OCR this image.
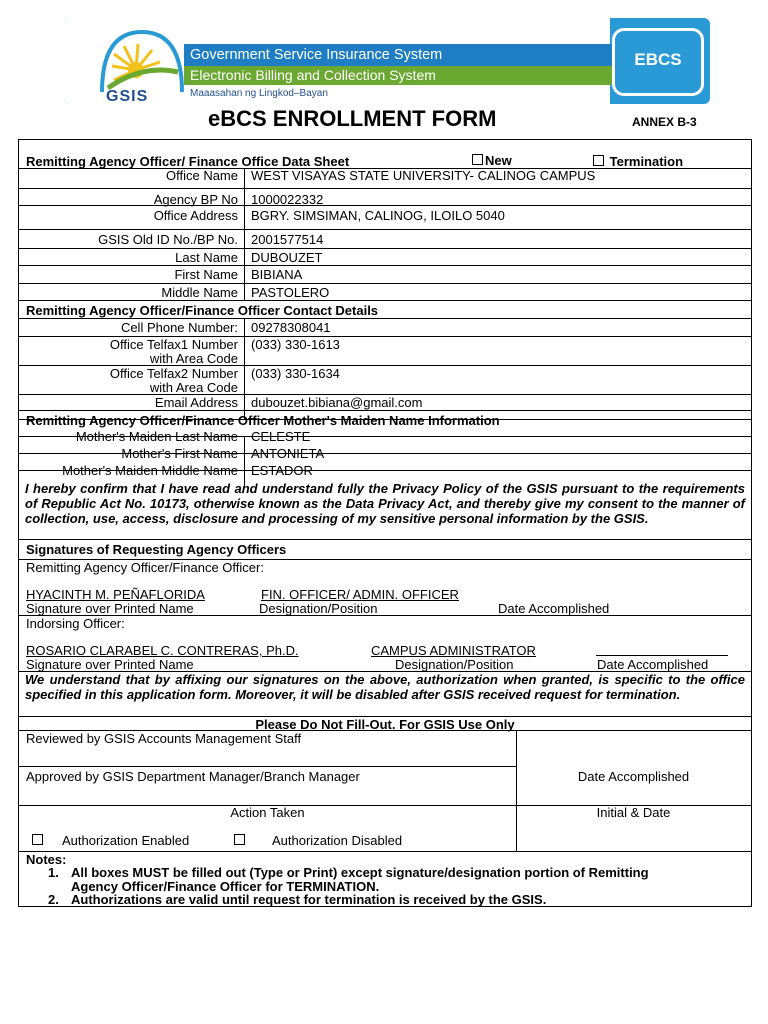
GSIS
Government Service Insurance System
Electronic Billing and Collection System
Maaasahan ng Lingkod–Bayan
EBCS
eBCS ENROLLMENT FORM	ANNEX B-3
Remitting Agency Officer/ Finance Office Data Sheet	New	Termination
Office Name WEST VISAYAS STATE UNIVERSITY- CALINOG CAMPUS
Agency BP No 1000022332
Office Address BGRY. SIMSIMAN, CALINOG, ILOILO 5040
GSIS Old ID No./BP No. 2001577514
Last Name DUBOUZET
First Name BIBIANA
Middle Name PASTOLERO
Remitting Agency Officer/Finance Officer Contact Details
Cell Phone Number: 09278308041
Office Telfax1 Number
with Area Code
(033) 330-1613
Office Telfax2 Number
with Area Code
(033) 330-1634
Email Address dubouzet.bibiana@gmail.com
Remitting Agency Officer/Finance Officer Mother's Maiden Name Information
Mother's Maiden Last Name CELESTE
Mother's First Name ANTONIETA
Mother's Maiden Middle Name ESTADOR
I hereby confirm that I have read and understand fully the Privacy Policy of the GSIS pursuant to the requirements of Republic Act No. 10173, otherwise known as the Data Privacy Act, and thereby give my consent to the manner of collection, use, access, disclosure and processing of my sensitive personal information by the GSIS.
Signatures of Requesting Agency Officers
Remitting Agency Officer/Finance Officer:
HYACINTH M. PEÑAFLORIDA	FIN. OFFICER/ ADMIN. OFFICER
Signature over Printed Name	Designation/Position	Date Accomplished
Indorsing Officer:
ROSARIO CLARABEL C. CONTRERAS, Ph.D.	CAMPUS ADMINISTRATOR
Signature over Printed Name	Designation/Position	Date Accomplished
We understand that by affixing our signatures on the above, authorization when granted, is specific to the office specified in this application form. Moreover, it will be disabled after GSIS received request for termination.
Please Do Not Fill-Out. For GSIS Use Only
Reviewed by GSIS Accounts Management Staff
Approved by GSIS Department Manager/Branch Manager	Date Accomplished
Action Taken	Initial & Date
Authorization Enabled	Authorization Disabled
Notes:
1. All boxes MUST be filled out (Type or Print) except signature/designation portion of Remitting
Agency Officer/Finance Officer for TERMINATION.
2. Authorizations are valid until request for termination is received by the GSIS.
